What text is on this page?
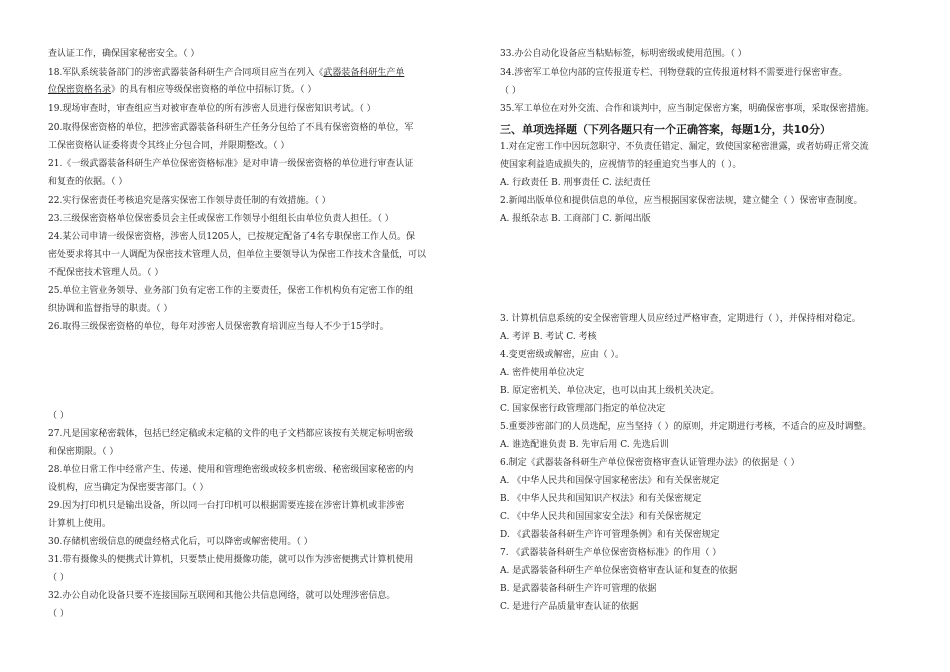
查认证工作，确保国家秘密安全。（ ）
18.军队系统装备部门的涉密武器装备科研生产合同项目应当在列入《武器装备科研生产单
位保密资格名录》的具有相应等级保密资格的单位中招标订货。（ ）
19.现场审查时，审查组应当对被审查单位的所有涉密人员进行保密知识考试。（ ）
20.取得保密资格的单位，把涉密武器装备科研生产任务分包给了不具有保密资格的单位，军
工保密资格认证委将责令其终止分包合同，并限期整改。（ ）
21.《一级武器装备科研生产单位保密资格标准》是对申请一级保密资格的单位进行审查认证
和复查的依据。（ ）
22.实行保密责任考核追究是落实保密工作领导责任制的有效措施。（ ）
23.三级保密资格单位保密委员会主任或保密工作领导小组组长由单位负责人担任。（ ）
24.某公司申请一级保密资格，涉密人员1205人，已按规定配备了4名专职保密工作人员。保
密处要求将其中一人调配为保密技术管理人员，但单位主要领导认为保密工作技术含量低，可以
不配保密技术管理人员。（ ）
25.单位主管业务领导、业务部门负有定密工作的主要责任，保密工作机构负有定密工作的组
织协调和监督指导的职责。（ ）
26.取得三级保密资格的单位，每年对涉密人员保密教育培训应当每人不少于15学时。
（ ）
27.凡是国家秘密载体，包括已经定稿或未定稿的文件的电子文档都应该按有关规定标明密级
和保密期限。（ ）
28.单位日常工作中经常产生、传递、使用和管理绝密级或较多机密级、秘密级国家秘密的内
设机构，应当确定为保密要害部门。（ ）
29.因为打印机只是输出设备，所以同一台打印机可以根据需要连接在涉密计算机或非涉密
计算机上使用。
30.存储机密级信息的硬盘经格式化后，可以降密或解密使用。（ ）
31.带有摄像头的便携式计算机，只要禁止使用摄像功能，就可以作为涉密便携式计算机使用
（ ）
32.办公自动化设备只要不连接国际互联网和其他公共信息网络，就可以处理涉密信息。
（ ）
33.办公自动化设备应当粘贴标签，标明密级或使用范围。（ ）
34.涉密军工单位内部的宣传报道专栏、刊物登载的宣传报道材料不需要进行保密审查。
（ ）
35.军工单位在对外交流、合作和谈判中，应当制定保密方案，明确保密事项，采取保密措施。
三、单项选择题（下列各题只有一个正确答案，每题1分，共10分）
1.对在定密工作中因玩忽职守、不负责任错定、漏定，致使国家秘密泄露，或者妨碍正常交流
使国家利益造成损失的，应视情节的轻重追究当事人的（ ）。
A. 行政责任 B. 刑事责任 C. 法纪责任
2.新闻出版单位和提供信息的单位，应当根据国家保密法规，建立健全（ ）保密审查制度。
A. 报纸杂志 B. 工商部门 C. 新闻出版
3. 计算机信息系统的安全保密管理人员应经过严格审查，定期进行（ ），并保持相对稳定。
A. 考评 B. 考试 C. 考核
4.变更密级或解密，应由（ ）。
A. 密件使用单位决定
B. 原定密机关、单位决定，也可以由其上级机关决定。
C. 国家保密行政管理部门指定的单位决定
5.重要涉密部门的人员选配，应当坚持（ ）的原则，并定期进行考核，不适合的应及时调整。
A. 谁选配谁负责 B. 先审后用 C. 先选后训
6.制定《武器装备科研生产单位保密资格审查认证管理办法》的依据是（ ）
A. 《中华人民共和国保守国家秘密法》和有关保密规定
B. 《中华人民共和国知识产权法》和有关保密规定
C. 《中华人民共和国国家安全法》和有关保密规定
D. 《武器装备科研生产许可管理条例》和有关保密规定
7. 《武器装备科研生产单位保密资格标准》的作用（ ）
A. 是武器装备科研生产单位保密资格审查认证和复查的依据
B. 是武器装备科研生产许可管理的依据
C. 是进行产品质量审查认证的依据
